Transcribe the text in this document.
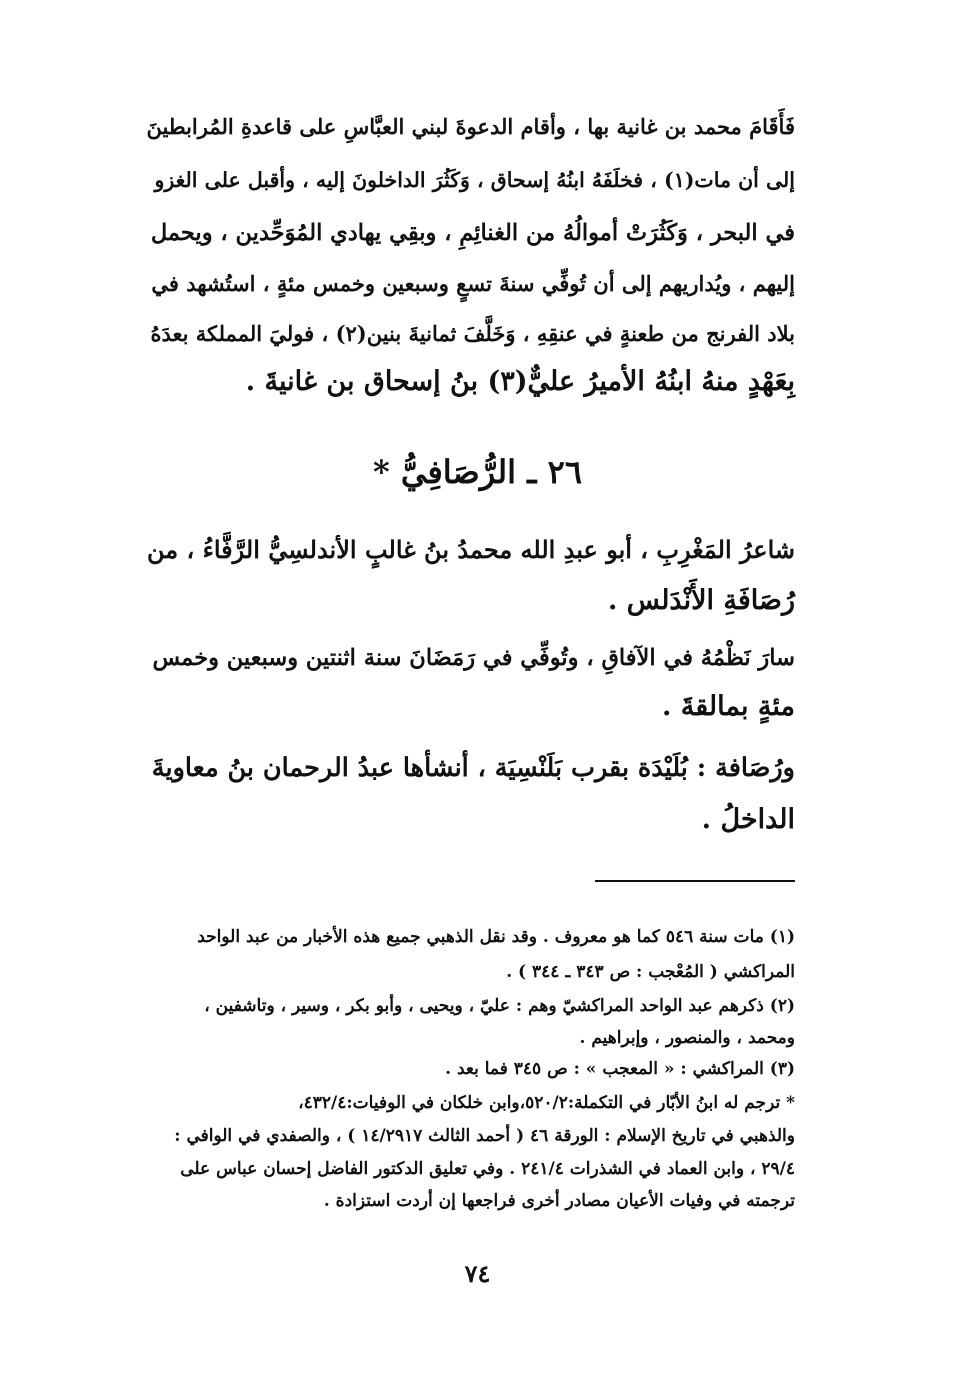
فَأَقَامَ محمد بن غانية بها ، وأقام الدعوةَ لبني العبَّاسِ على قاعدةِ المُرابطينَ
إلى أن مات(١) ، فخلَفَهُ ابنُهُ إسحاق ، وَكَثُرَ الداخلونَ إليه ، وأقبل على الغزو
في البحر ، وَكَثُرَتْ أموالُهُ من الغنائِمِ ، وبقِي يهادي المُوَحِّدين ، ويحمل
إليهم ، ويُداريهم إلى أن تُوفِّي سنةَ تسعٍ وسبعين وخمس مئةٍ ، استُشهد في
بلاد الفرنج من طعنةٍ في عنقِهِ ، وَخَلَّفَ ثمانيةَ بنين(٢) ، فوليَ المملكة بعدَهُ
بِعَهْدٍ منهُ ابنُهُ الأميرُ عليٌّ(٣) بنُ إسحاق بن غانيةَ .
٢٦ ـ الرُّصَافِيُّ *
شاعرُ المَغْرِبِ ، أبو عبدِ الله محمدُ بنُ غالبٍ الأندلسِيُّ الرَّفَّاءُ ، من
رُصَافَةِ الأَنْدَلس .
سارَ نَظْمُهُ في الآفاقِ ، وتُوفِّي في رَمَضَانَ سنة اثنتين وسبعين وخمس
مئةٍ بمالقةَ .
ورُصَافة : بُلَيْدَة بقرب بَلَنْسِيَة ، أنشأها عبدُ الرحمان بنُ معاويةَ
الداخلُ .
(١) مات سنة ٥٤٦ كما هو معروف . وقد نقل الذهبي جميع هذه الأخبار من عبد الواحد
المراكشي ( المُعْجب : ص ٣٤٣ ـ ٣٤٤ ) .
(٢) ذكرهم عبد الواحد المراكشيّ وهم : عليّ ، ويحيى ، وأبو بكر ، وسير ، وتاشفين ،
ومحمد ، والمنصور ، وإبراهيم .
(٣) المراكشي : « المعجب » : ص ٣٤٥ فما بعد .
* ترجم له ابنُ الأبّار في التكملة:٥٢٠/٢،وابن خلكان في الوفيات:٤٣٢/٤،
والذهبي في تاريخ الإسلام : الورقة ٤٦ ( أحمد الثالث ١٤/٢٩١٧ ) ، والصفدي في الوافي :
٢٩/٤ ، وابن العماد في الشذرات ٢٤١/٤ . وفي تعليق الدكتور الفاضل إحسان عباس على
ترجمته في وفيات الأعيان مصادر أخرى فراجعها إن أردت استزادة .
٧٤
